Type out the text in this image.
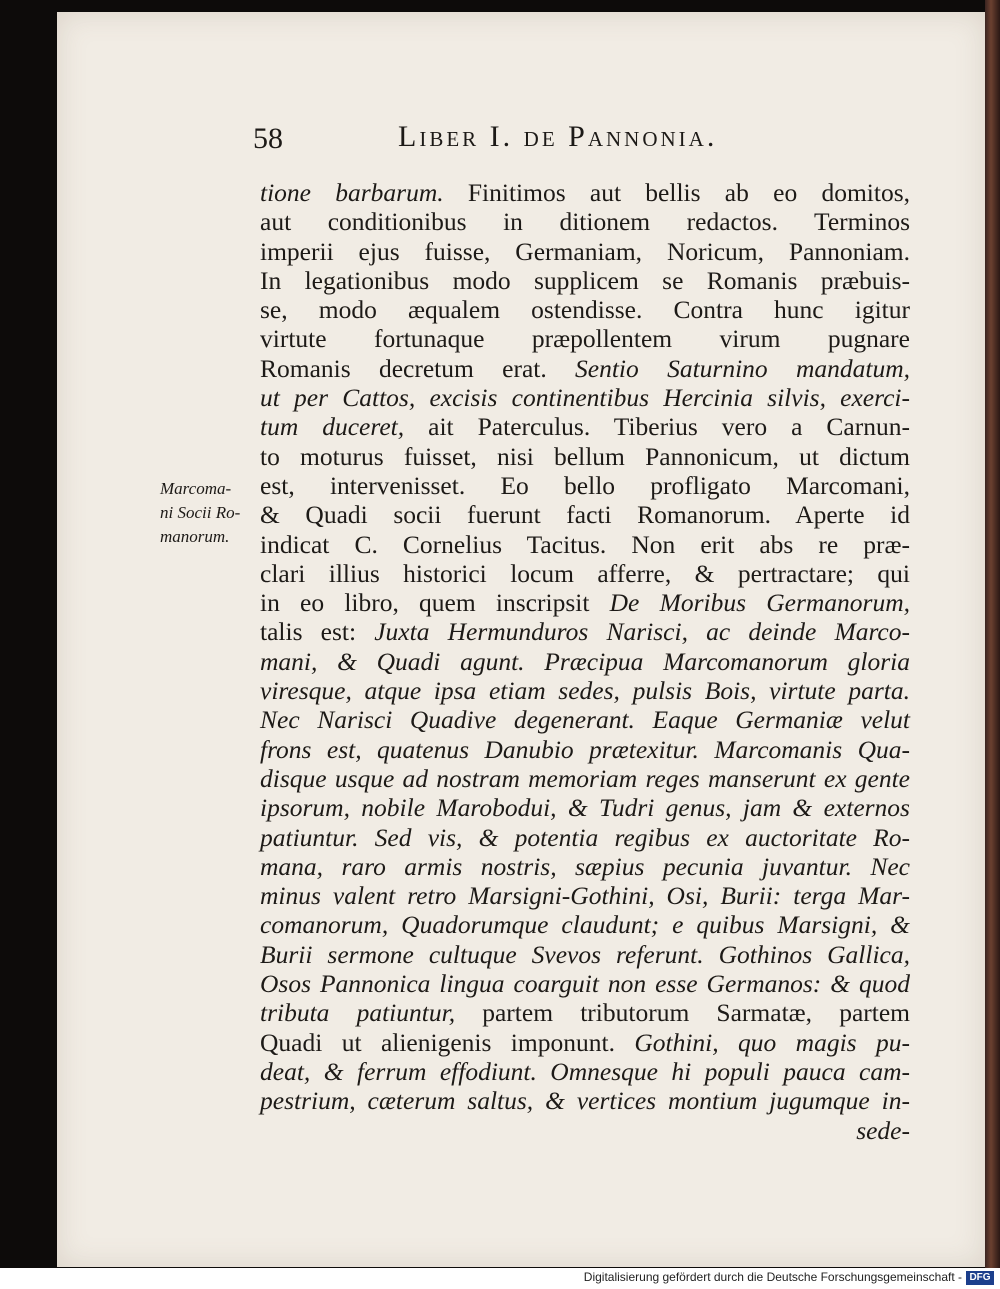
58	Liber I. de Pannonia.
Marcoma-
ni Socii Ro-
manorum.
tione barbarum. Finitimos aut bellis ab eo domitos,
aut conditionibus in ditionem redactos. Terminos
imperii ejus fuisse, Germaniam, Noricum, Pannoniam.
In legationibus modo supplicem se Romanis præbuis-
se, modo æqualem ostendisse. Contra hunc igitur
virtute fortunaque præpollentem virum pugnare
Romanis decretum erat. Sentio Saturnino mandatum,
ut per Cattos, excisis continentibus Hercinia silvis, exerci-
tum duceret, ait Paterculus. Tiberius vero a Carnun-
to moturus fuisset, nisi bellum Pannonicum, ut dictum
est, intervenisset. Eo bello profligato Marcomani,
& Quadi socii fuerunt facti Romanorum. Aperte id
indicat C. Cornelius Tacitus. Non erit abs re præ-
clari illius historici locum afferre, & pertractare; qui
in eo libro, quem inscripsit De Moribus Germanorum,
talis est: Juxta Hermunduros Narisci, ac deinde Marco-
mani, & Quadi agunt. Præcipua Marcomanorum gloria
viresque, atque ipsa etiam sedes, pulsis Bois, virtute parta.
Nec Narisci Quadive degenerant. Eaque Germaniæ velut
frons est, quatenus Danubio prætexitur. Marcomanis Qua-
disque usque ad nostram memoriam reges manserunt ex gente
ipsorum, nobile Marobodui, & Tudri genus, jam & externos
patiuntur. Sed vis, & potentia regibus ex auctoritate Ro-
mana, raro armis nostris, sæpius pecunia juvantur. Nec
minus valent retro Marsigni-Gothini, Osi, Burii: terga Mar-
comanorum, Quadorumque claudunt; e quibus Marsigni, &
Burii sermone cultuque Svevos referunt. Gothinos Gallica,
Osos Pannonica lingua coarguit non esse Germanos: & quod
tributa patiuntur, partem tributorum Sarmatæ, partem
Quadi ut alienigenis imponunt. Gothini, quo magis pu-
deat, & ferrum effodiunt. Omnesque hi populi pauca cam-
pestrium, cæterum saltus, & vertices montium jugumque in-
sede-
Digitalisierung gefördert durch die Deutsche Forschungsgemeinschaft - DFG
